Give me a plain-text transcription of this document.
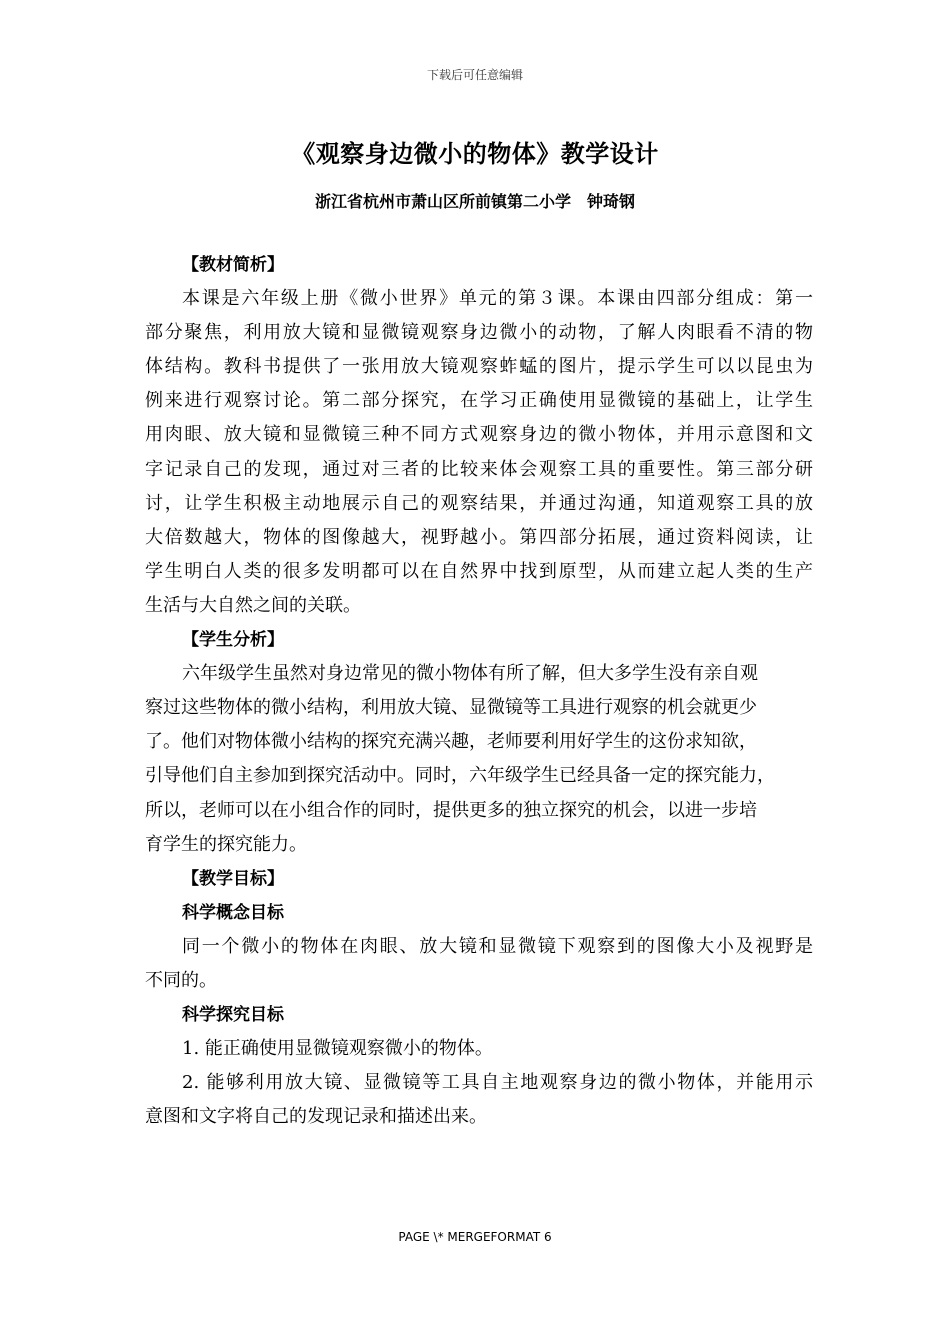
下载后可任意编辑
《观察身边微小的物体》教学设计
浙江省杭州市萧山区所前镇第二小学　钟琦钢
【教材简析】
本课是六年级上册《微小世界》单元的第３课。本课由四部分组成：第一
部分聚焦，利用放大镜和显微镜观察身边微小的动物，了解人肉眼看不清的物
体结构。教科书提供了一张用放大镜观察蚱蜢的图片，提示学生可以以昆虫为
例来进行观察讨论。第二部分探究，在学习正确使用显微镜的基础上，让学生
用肉眼、放大镜和显微镜三种不同方式观察身边的微小物体，并用示意图和文
字记录自己的发现，通过对三者的比较来体会观察工具的重要性。第三部分研
讨，让学生积极主动地展示自己的观察结果，并通过沟通，知道观察工具的放
大倍数越大，物体的图像越大，视野越小。第四部分拓展，通过资料阅读，让
学生明白人类的很多发明都可以在自然界中找到原型，从而建立起人类的生产
生活与大自然之间的关联。
【学生分析】
六年级学生虽然对身边常见的微小物体有所了解，但大多学生没有亲自观
察过这些物体的微小结构，利用放大镜、显微镜等工具进行观察的机会就更少
了。他们对物体微小结构的探究充满兴趣，老师要利用好学生的这份求知欲，
引导他们自主参加到探究活动中。同时，六年级学生已经具备一定的探究能力，
所以，老师可以在小组合作的同时，提供更多的独立探究的机会，以进一步培
育学生的探究能力。
【教学目标】
科学概念目标
同一个微小的物体在肉眼、放大镜和显微镜下观察到的图像大小及视野是
不同的。
科学探究目标
1. 能正确使用显微镜观察微小的物体。
2. 能够利用放大镜、显微镜等工具自主地观察身边的微小物体，并能用示
意图和文字将自己的发现记录和描述出来。
PAGE \* MERGEFORMAT 6
